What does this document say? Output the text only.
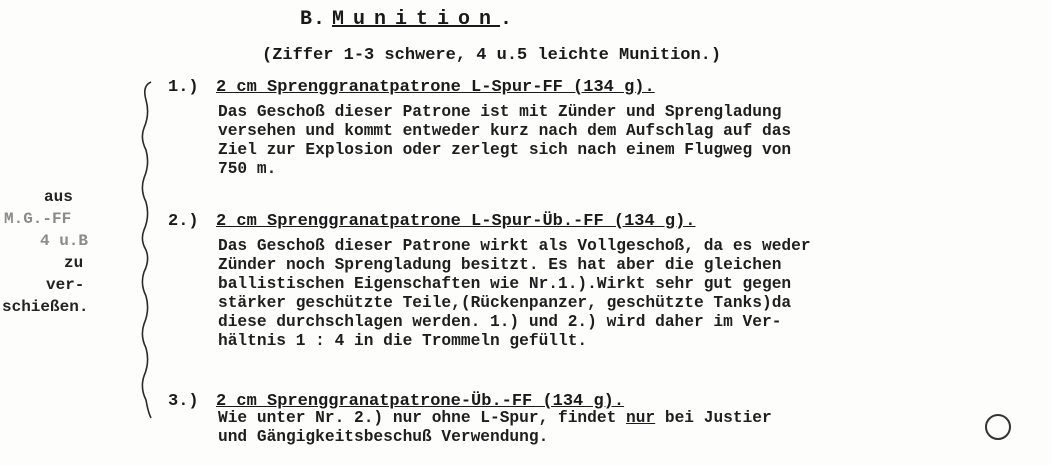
B. Munition.
(Ziffer 1-3 schwere, 4 u.5 leichte Munition.)
aus
M.G.-FF
4 u.B
zu
ver-
schießen.
1.) 2 cm Sprenggranatpatrone L-Spur-FF (134 g).
Das Geschoß dieser Patrone ist mit Zünder und Sprengladung
versehen und kommt entweder kurz nach dem Aufschlag auf das
Ziel zur Explosion oder zerlegt sich nach einem Flugweg von
750 m.
2.) 2 cm Sprenggranatpatrone L-Spur-Üb.-FF (134 g).
Das Geschoß dieser Patrone wirkt als Vollgeschoß, da es weder
Zünder noch Sprengladung besitzt. Es hat aber die gleichen
ballistischen Eigenschaften wie Nr.1.).Wirkt sehr gut gegen
stärker geschützte Teile,(Rückenpanzer, geschützte Tanks)da
diese durchschlagen werden. 1.) und 2.) wird daher im Ver-
hältnis 1 : 4 in die Trommeln gefüllt.
3.) 2 cm Sprenggranatpatrone-Üb.-FF (134 g).
Wie unter Nr. 2.) nur ohne L-Spur, findet nur bei Justier
und Gängigkeitsbeschuß Verwendung.
